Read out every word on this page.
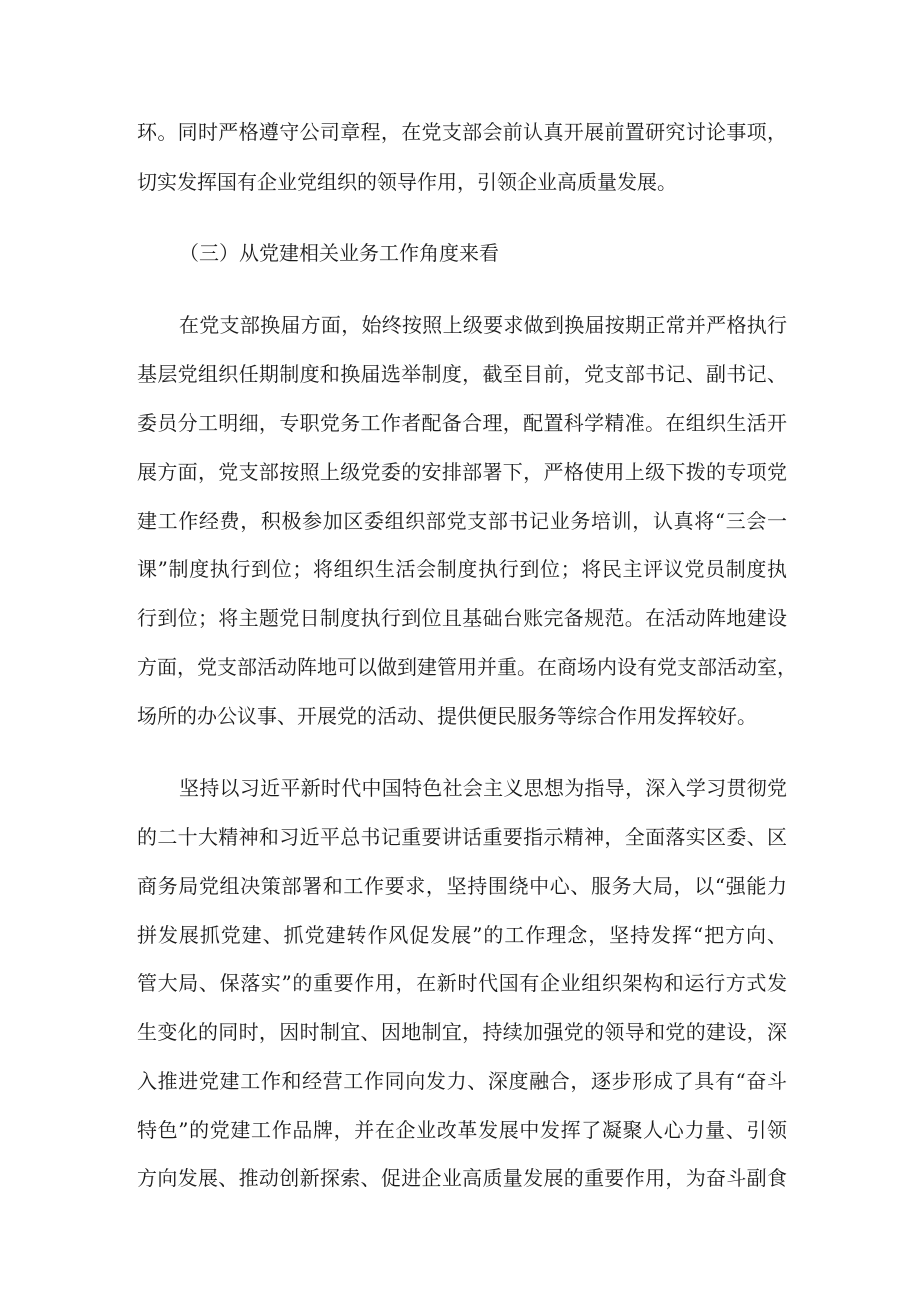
环。同时严格遵守公司章程，在党支部会前认真开展前置研究讨论事项，

切实发挥国有企业党组织的领导作用，引领企业高质量发展。

（三）从党建相关业务工作角度来看

在党支部换届方面，始终按照上级要求做到换届按期正常并严格执行

基层党组织任期制度和换届选举制度，截至目前，党支部书记、副书记、

委员分工明细，专职党务工作者配备合理，配置科学精准。在组织生活开

展方面，党支部按照上级党委的安排部署下，严格使用上级下拨的专项党

建工作经费，积极参加区委组织部党支部书记业务培训，认真将“三会一

课”制度执行到位；将组织生活会制度执行到位；将民主评议党员制度执

行到位；将主题党日制度执行到位且基础台账完备规范。在活动阵地建设

方面，党支部活动阵地可以做到建管用并重。在商场内设有党支部活动室，

场所的办公议事、开展党的活动、提供便民服务等综合作用发挥较好。

坚持以习近平新时代中国特色社会主义思想为指导，深入学习贯彻党

的二十大精神和习近平总书记重要讲话重要指示精神，全面落实区委、区

商务局党组决策部署和工作要求，坚持围绕中心、服务大局，以“强能力

拼发展抓党建、抓党建转作风促发展”的工作理念，坚持发挥“把方向、

管大局、保落实”的重要作用，在新时代国有企业组织架构和运行方式发

生变化的同时，因时制宜、因地制宜，持续加强党的领导和党的建设，深

入推进党建工作和经营工作同向发力、深度融合，逐步形成了具有“奋斗

特色”的党建工作品牌，并在企业改革发展中发挥了凝聚人心力量、引领

方向发展、推动创新探索、促进企业高质量发展的重要作用，为奋斗副食
